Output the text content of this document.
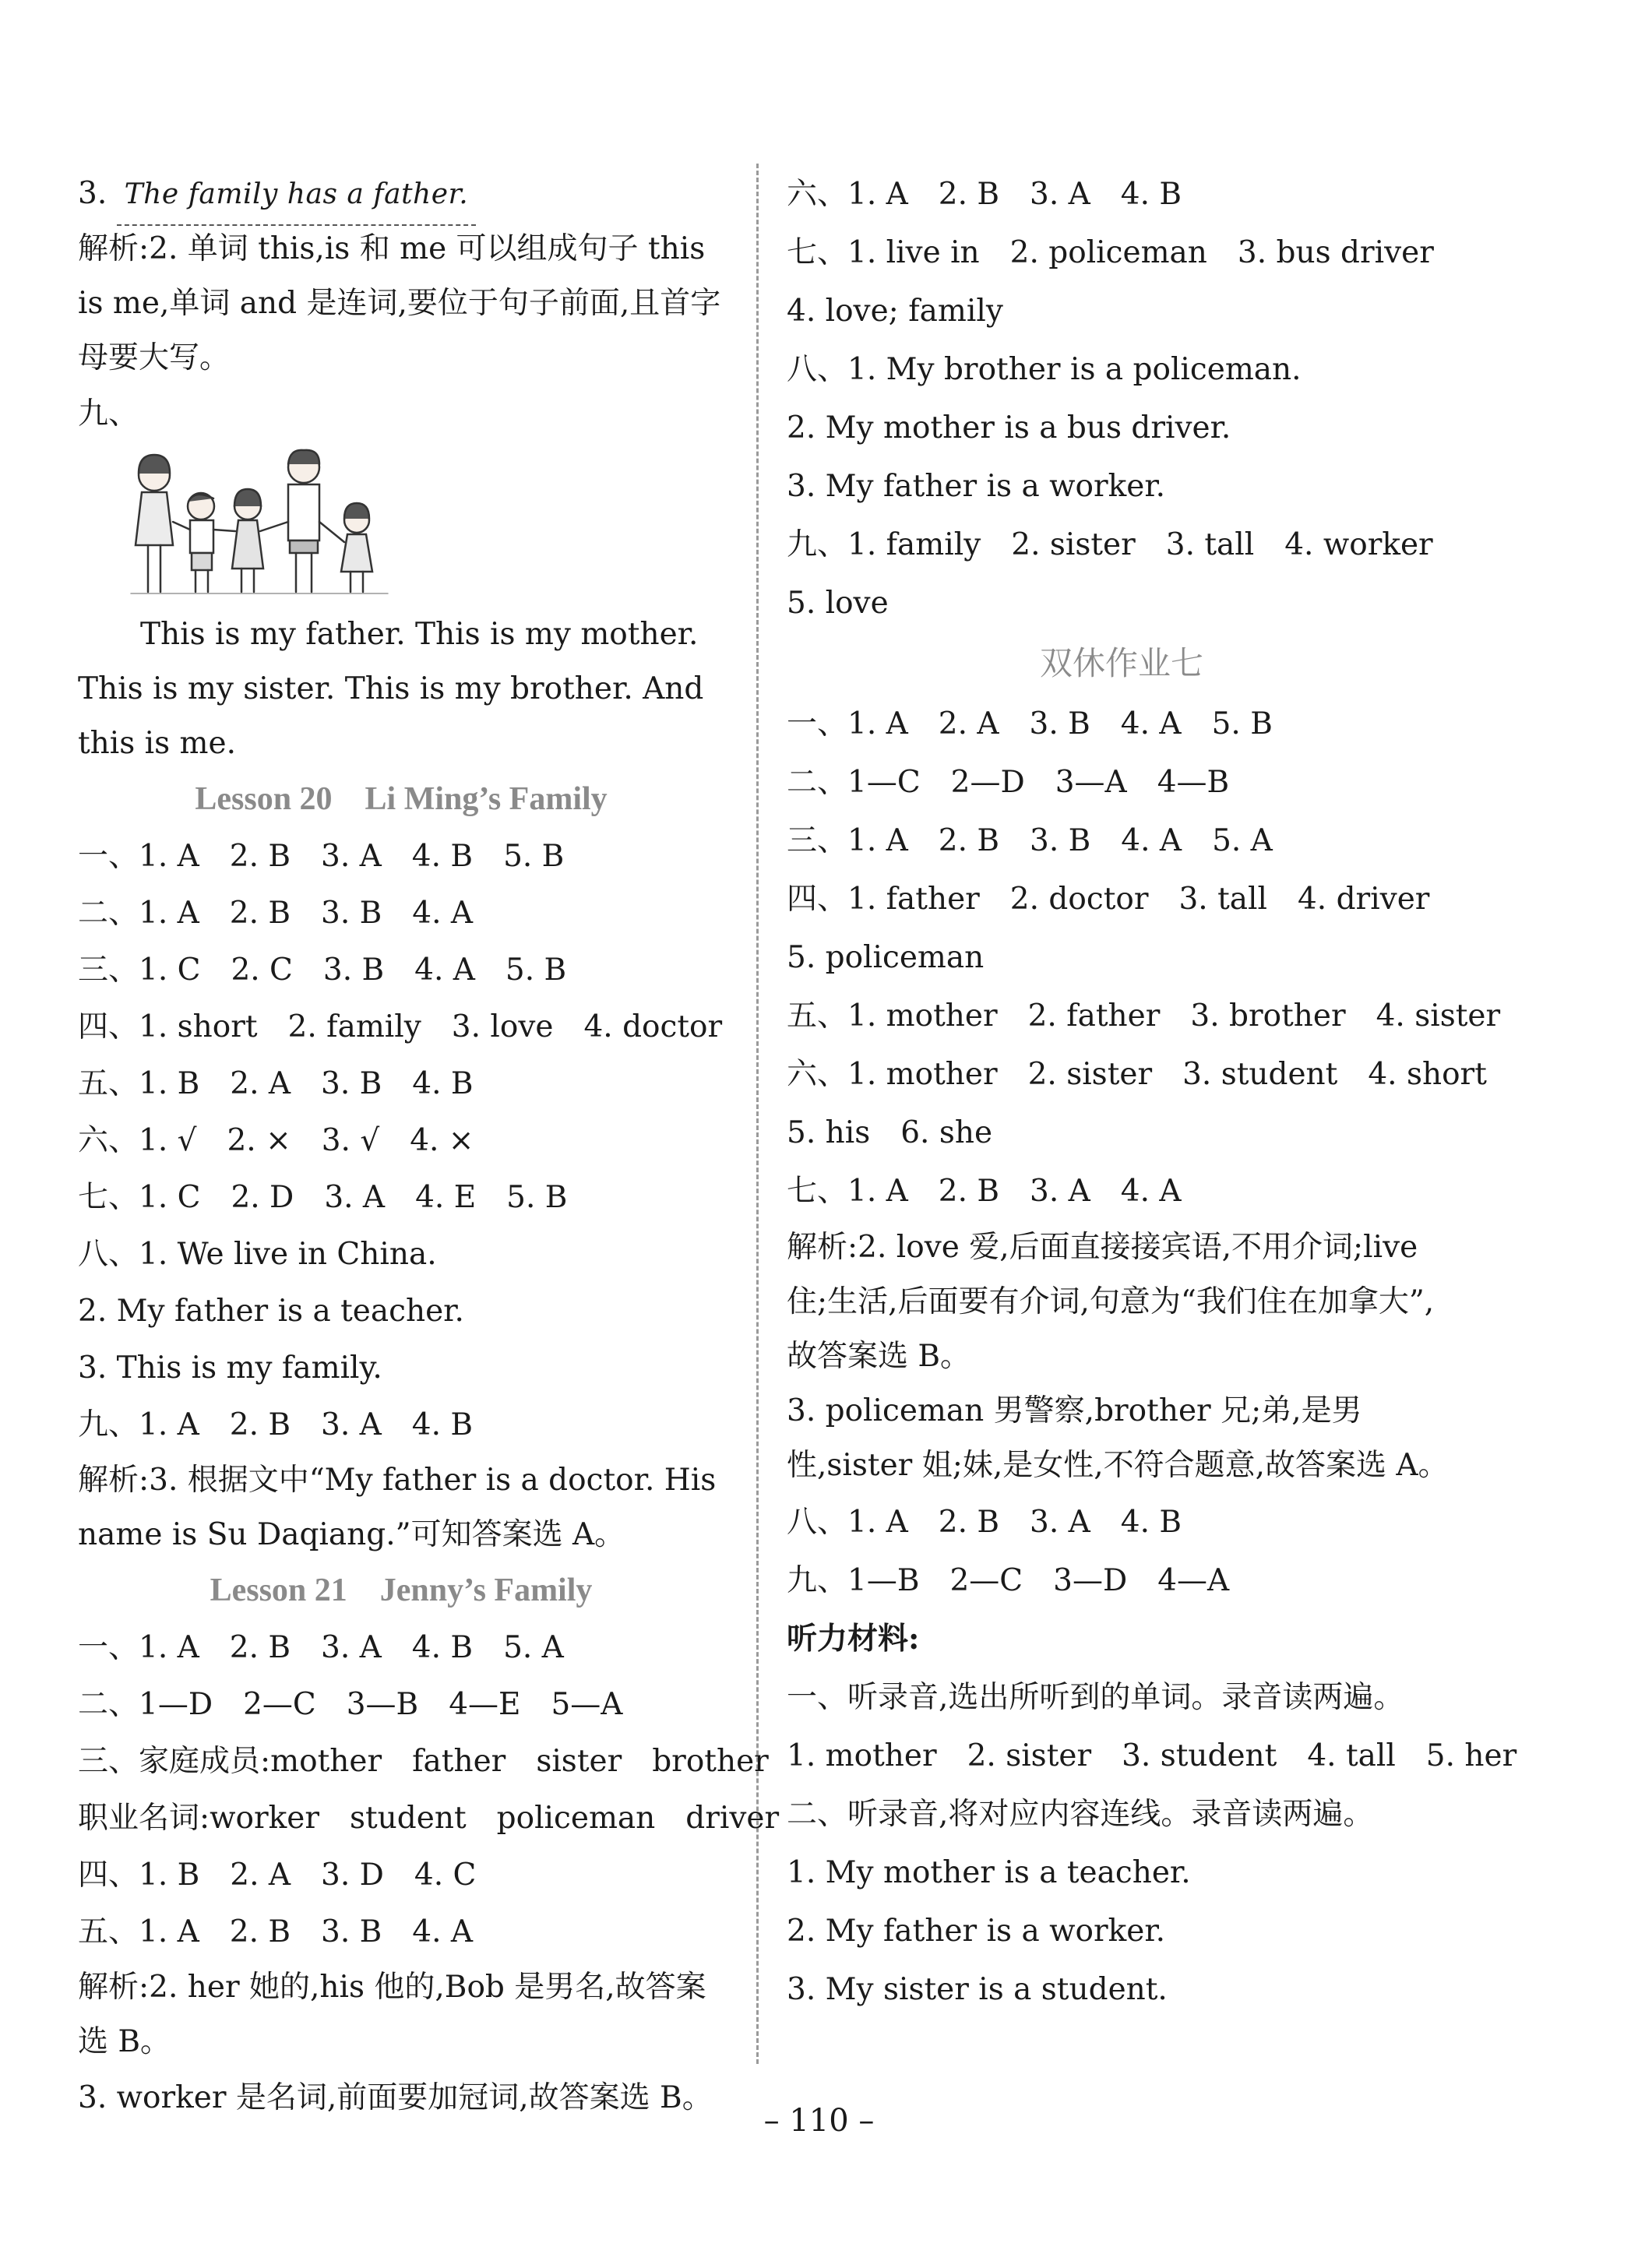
3. The family has a father.
解析:2. 单词 this,is 和 me 可以组成句子 this is me,单词 and 是连词,要位于句子前面,且首字母要大写。
九、
This is my father. This is my mother. This is my sister. This is my brother. And this is me.
Lesson 20　Li Ming’s Family
一、1. A　2. B　3. A　4. B　5. B
二、1. A　2. B　3. B　4. A
三、1. C　2. C　3. B　4. A　5. B
四、1. short　2. family　3. love　4. doctor
五、1. B　2. A　3. B　4. B
六、1. √　2. ×　3. √　4. ×
七、1. C　2. D　3. A　4. E　5. B
八、1. We live in China.
2. My father is a teacher.
3. This is my family.
九、1. A　2. B　3. A　4. B
解析:3. 根据文中“My father is a doctor. His name is Su Daqiang.”可知答案选 A。
Lesson 21　Jenny’s Family
一、1. A　2. B　3. A　4. B　5. A
二、1—D　2—C　3—B　4—E　5—A
三、家庭成员:mother　father　sister　brother
职业名词:worker　student　policeman　driver
四、1. B　2. A　3. D　4. C
五、1. A　2. B　3. B　4. A
解析:2. her 她的,his 他的,Bob 是男名,故答案选 B。
3. worker 是名词,前面要加冠词,故答案选 B。
六、1. A　2. B　3. A　4. B
七、1. live in　2. policeman　3. bus driver
4. love; family
八、1. My brother is a policeman.
2. My mother is a bus driver.
3. My father is a worker.
九、1. family　2. sister　3. tall　4. worker
5. love
双休作业七
一、1. A　2. A　3. B　4. A　5. B
二、1—C　2—D　3—A　4—B
三、1. A　2. B　3. B　4. A　5. A
四、1. father　2. doctor　3. tall　4. driver
5. policeman
五、1. mother　2. father　3. brother　4. sister
六、1. mother　2. sister　3. student　4. short
5. his　6. she
七、1. A　2. B　3. A　4. A
解析:2. love 爱,后面直接接宾语,不用介词;live 住;生活,后面要有介词,句意为“我们住在加拿大”,故答案选 B。
3. policeman 男警察,brother 兄;弟,是男性,sister 姐;妹,是女性,不符合题意,故答案选 A。
八、1. A　2. B　3. A　4. B
九、1—B　2—C　3—D　4—A
听力材料:
一、听录音,选出所听到的单词。录音读两遍。
1. mother　2. sister　3. student　4. tall　5. her
二、听录音,将对应内容连线。录音读两遍。
1. My mother is a teacher.
2. My father is a worker.
3. My sister is a student.
– 110 –
